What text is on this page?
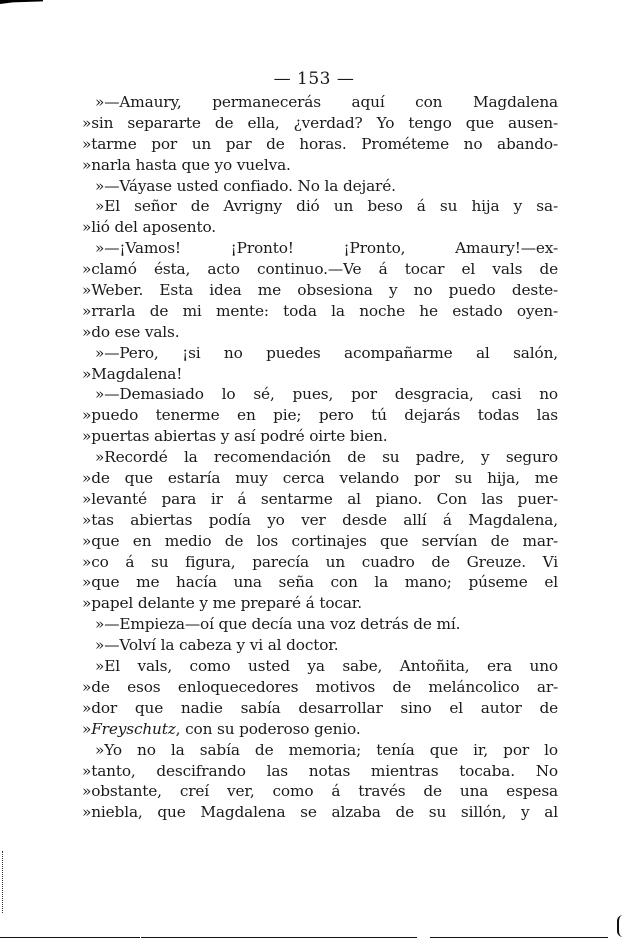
— 153 —
»—Amaury, permanecerás aquí con Magdalena
»sin separarte de ella, ¿verdad? Yo tengo que ausen-
»tarme por un par de horas. Prométeme no abando-
»narla hasta que yo vuelva.
»—Váyase usted confiado. No la dejaré.
»El señor de Avrigny dió un beso á su hija y sa-
»lió del aposento.
»—¡Vamos! ¡Pronto! ¡Pronto, Amaury!—ex-
»clamó ésta, acto continuo.—Ve á tocar el vals de
»Weber. Esta idea me obsesiona y no puedo deste-
»rrarla de mi mente: toda la noche he estado oyen-
»do ese vals.
»—Pero, ¡si no puedes acompañarme al salón,
»Magdalena!
»—Demasiado lo sé, pues, por desgracia, casi no
»puedo tenerme en pie; pero tú dejarás todas las
»puertas abiertas y así podré oirte bien.
»Recordé la recomendación de su padre, y seguro
»de que estaría muy cerca velando por su hija, me
»levanté para ir á sentarme al piano. Con las puer-
»tas abiertas podía yo ver desde allí á Magdalena,
»que en medio de los cortinajes que servían de mar-
»co á su figura, parecía un cuadro de Greuze. Vi
»que me hacía una seña con la mano; púseme el
»papel delante y me preparé á tocar.
»—Empieza—oí que decía una voz detrás de mí.
»—Volví la cabeza y vi al doctor.
»El vals, como usted ya sabe, Antoñita, era uno
»de esos enloquecedores motivos de meláncolico ar-
»dor que nadie sabía desarrollar sino el autor de
»Freyschutz, con su poderoso genio.
»Yo no la sabía de memoria; tenía que ir, por lo
»tanto, descifrando las notas mientras tocaba. No
»obstante, creí ver, como á través de una espesa
»niebla, que Magdalena se alzaba de su sillón, y al
